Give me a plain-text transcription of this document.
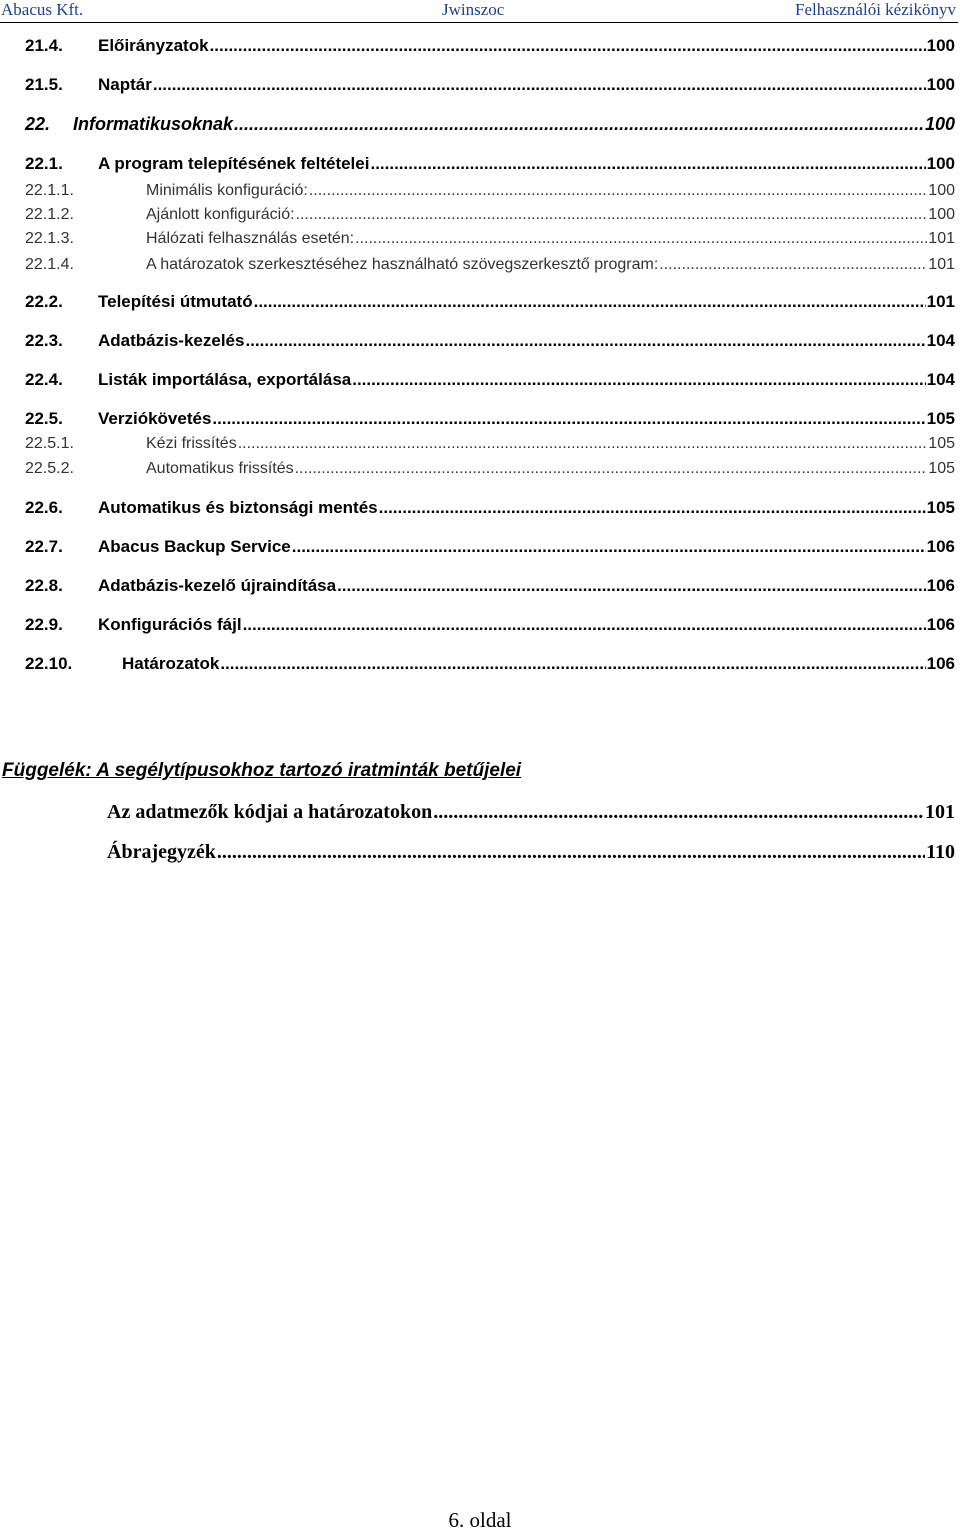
Abacus Kft.	Jwinszoc	Felhasználói kézikönyv
21.4.	Előirányzatok .....	100
21.5.	Naptár .....	100
22.	Informatikusoknak .....	100
22.1.	A program telepítésének feltételei .....	100
22.1.1.	Minimális konfiguráció: .....	100
22.1.2.	Ajánlott konfiguráció: .....	100
22.1.3.	Hálózati felhasználás esetén: .....	101
22.1.4.	A határozatok szerkesztéséhez használható szövegszerkesztő program: .....	101
22.2.	Telepítési útmutató .....	101
22.3.	Adatbázis-kezelés .....	104
22.4.	Listák importálása, exportálása .....	104
22.5.	Verziókövetés .....	105
22.5.1.	Kézi frissítés .....	105
22.5.2.	Automatikus frissítés .....	105
22.6.	Automatikus és biztonsági mentés .....	105
22.7.	Abacus Backup Service .....	106
22.8.	Adatbázis-kezelő újraindítása .....	106
22.9.	Konfigurációs fájl .....	106
22.10.	Határozatok .....	106
Függelék: A segélytípusokhoz tartozó iratminták betűjelei
Az adatmezők kódjai a határozatokon .....	101
Ábrajegyzék .....	110
6. oldal
